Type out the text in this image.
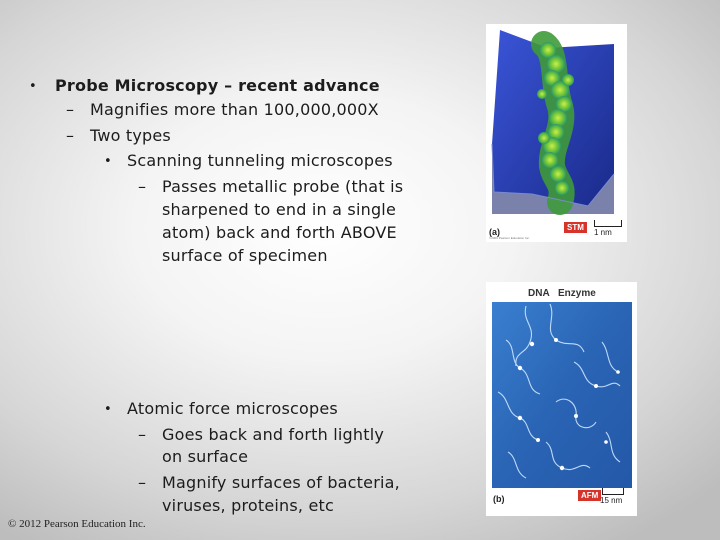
• Probe Microscopy – recent advance
– Magnifies more than 100,000,000X
– Two types
• Scanning tunneling microscopes
– Passes metallic probe (that is
sharpened to end in a single
atom) back and forth ABOVE
surface of specimen
• Atomic force microscopes
– Goes back and forth lightly
on surface
– Magnify surfaces of bacteria,
viruses, proteins, etc
© 2012 Pearson Education Inc.
(a)
©2006 Pearson Education Inc.
STM
1 nm
DNA Enzyme
(b)	AFM
15 nm
